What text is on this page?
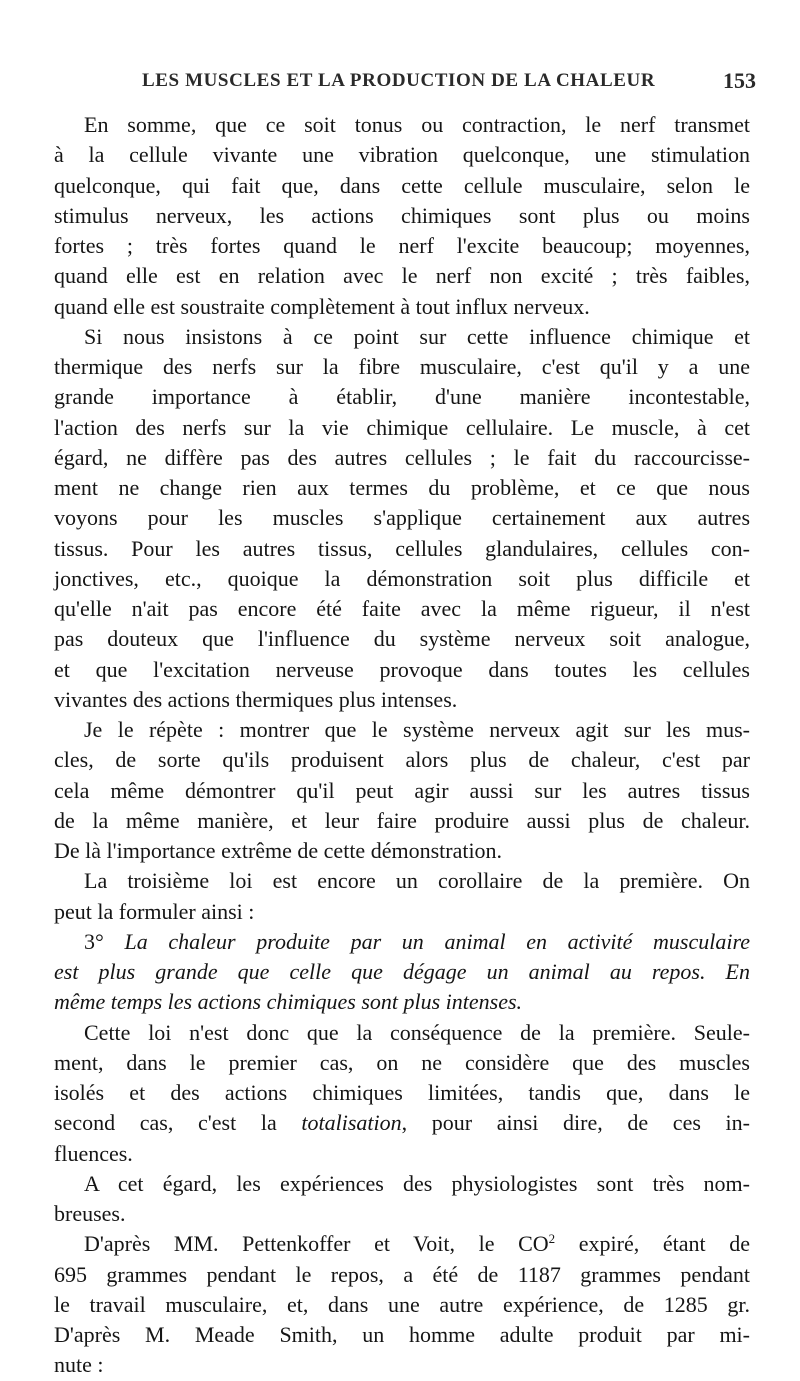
LES MUSCLES ET LA PRODUCTION DE LA CHALEUR	153
En somme, que ce soit tonus ou contraction, le nerf transmet
à la cellule vivante une vibration quelconque, une stimulation
quelconque, qui fait que, dans cette cellule musculaire, selon le
stimulus nerveux, les actions chimiques sont plus ou moins
fortes ; très fortes quand le nerf l'excite beaucoup; moyennes,
quand elle est en relation avec le nerf non excité ; très faibles,
quand elle est soustraite complètement à tout influx nerveux.
Si nous insistons à ce point sur cette influence chimique et
thermique des nerfs sur la fibre musculaire, c'est qu'il y a une
grande importance à établir, d'une manière incontestable,
l'action des nerfs sur la vie chimique cellulaire. Le muscle, à cet
égard, ne diffère pas des autres cellules ; le fait du raccourcisse-
ment ne change rien aux termes du problème, et ce que nous
voyons pour les muscles s'applique certainement aux autres
tissus. Pour les autres tissus, cellules glandulaires, cellules con-
jonctives, etc., quoique la démonstration soit plus difficile et
qu'elle n'ait pas encore été faite avec la même rigueur, il n'est
pas douteux que l'influence du système nerveux soit analogue,
et que l'excitation nerveuse provoque dans toutes les cellules
vivantes des actions thermiques plus intenses.
Je le répète : montrer que le système nerveux agit sur les mus-
cles, de sorte qu'ils produisent alors plus de chaleur, c'est par
cela même démontrer qu'il peut agir aussi sur les autres tissus
de la même manière, et leur faire produire aussi plus de chaleur.
De là l'importance extrême de cette démonstration.
La troisième loi est encore un corollaire de la première. On
peut la formuler ainsi :
3° La chaleur produite par un animal en activité musculaire
est plus grande que celle que dégage un animal au repos. En
même temps les actions chimiques sont plus intenses.
Cette loi n'est donc que la conséquence de la première. Seule-
ment, dans le premier cas, on ne considère que des muscles
isolés et des actions chimiques limitées, tandis que, dans le
second cas, c'est la totalisation, pour ainsi dire, de ces in-
fluences.
A cet égard, les expériences des physiologistes sont très nom-
breuses.
D'après MM. Pettenkoffer et Voit, le $CO^2$ expiré, étant de
695 grammes pendant le repos, a été de 1187 grammes pendant
le travail musculaire, et, dans une autre expérience, de 1285 gr.
D'après M. Meade Smith, un homme adulte produit par mi-
nute :
